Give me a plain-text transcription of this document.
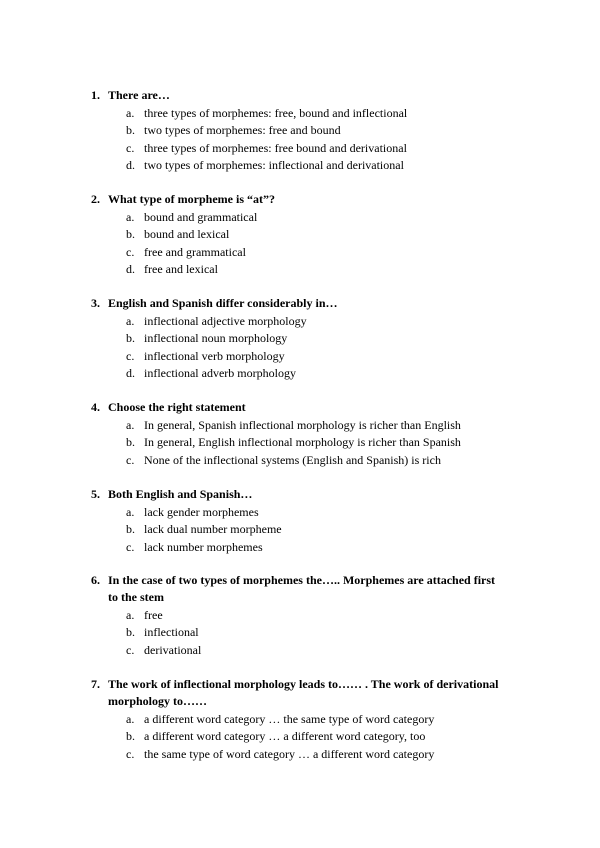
1. There are…
a. three types of morphemes: free, bound and inflectional
b. two types of morphemes: free and bound
c. three types of morphemes: free bound and derivational
d. two types of morphemes: inflectional and derivational
2. What type of morpheme is “at”?
a. bound and grammatical
b. bound and lexical
c. free and grammatical
d. free and lexical
3. English and Spanish differ considerably in…
a. inflectional adjective morphology
b. inflectional noun morphology
c. inflectional verb morphology
d. inflectional adverb morphology
4. Choose the right statement
a. In general, Spanish inflectional morphology is richer than English
b. In general, English inflectional morphology is richer than Spanish
c. None of the inflectional systems (English and Spanish) is rich
5. Both English and Spanish…
a. lack gender morphemes
b. lack dual number morpheme
c. lack number morphemes
6. In the case of two types of morphemes the….. Morphemes are attached first to the stem
a. free
b. inflectional
c. derivational
7. The work of inflectional morphology leads to…… . The work of derivational morphology to……
a. a different word category … the same type of word category
b. a different word category … a different word category, too
c. the same type of word category … a different word category
